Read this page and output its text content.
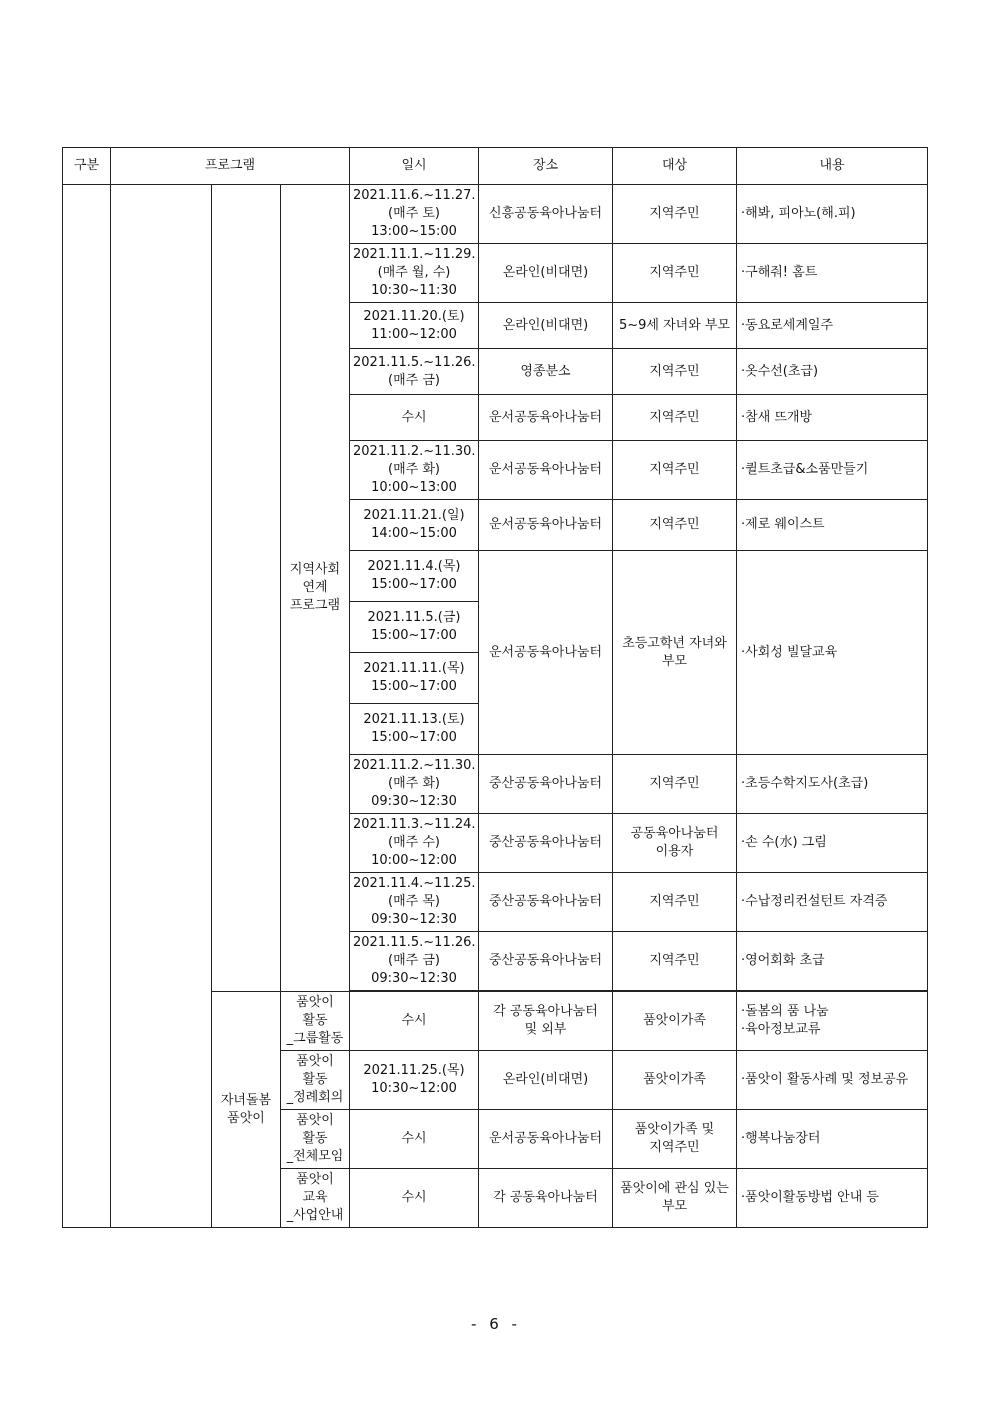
구분	프로그램			일시	장소	대상	내용
			지역사회
연계
프로그램	2021.11.6.~11.27.
(매주 토)
13:00~15:00	신흥공동육아나눔터	지역주민	·해봐, 피아노(해.피)
				2021.11.1.~11.29.
(매주 월, 수)
10:30~11:30	온라인(비대면)	지역주민	·구해줘! 홈트
				2021.11.20.(토)
11:00~12:00	온라인(비대면)	5~9세 자녀와 부모	·동요로세계일주
				2021.11.5.~11.26.
(매주 금)	영종분소	지역주민	·옷수선(초급)
				수시	운서공동육아나눔터	지역주민	·참새 뜨개방
				2021.11.2.~11.30.
(매주 화)
10:00~13:00	운서공동육아나눔터	지역주민	·퀼트초급&소품만들기
				2021.11.21.(일)
14:00~15:00	운서공동육아나눔터	지역주민	·제로 웨이스트
				2021.11.4.(목)
15:00~17:00	운서공동육아나눔터	초등고학년 자녀와
부모	·사회성 빌달교육
				2021.11.5.(금)
15:00~17:00			
				2021.11.11.(목)
15:00~17:00			
				2021.11.13.(토)
15:00~17:00			
				2021.11.2.~11.30.
(매주 화)
09:30~12:30	중산공동육아나눔터	지역주민	·초등수학지도사(초급)
				2021.11.3.~11.24.
(매주 수)
10:00~12:00	중산공동육아나눔터	공동육아나눔터
이용자	·손 수(水) 그림
				2021.11.4.~11.25.
(매주 목)
09:30~12:30	중산공동육아나눔터	지역주민	·수납정리컨설턴트 자격증
				2021.11.5.~11.26.
(매주 금)
09:30~12:30	중산공동육아나눔터	지역주민	·영어회화 초급

		자녀돌봄
품앗이	품앗이
활동
_그룹활동	수시	각 공동육아나눔터
및 외부	품앗이가족	·돌봄의 품 나눔
·육아정보교류
			품앗이
활동
_정례회의	2021.11.25.(목)
10:30~12:00	온라인(비대면)	품앗이가족	·품앗이 활동사례 및 정보공유
			품앗이
활동
_전체모임	수시	운서공동육아나눔터	품앗이가족 및
지역주민	·행복나눔장터
			품앗이
교육
_사업안내	수시	각 공동육아나눔터	품앗이에 관심 있는
부모	·품앗이활동방법 안내 등
- 6 -
